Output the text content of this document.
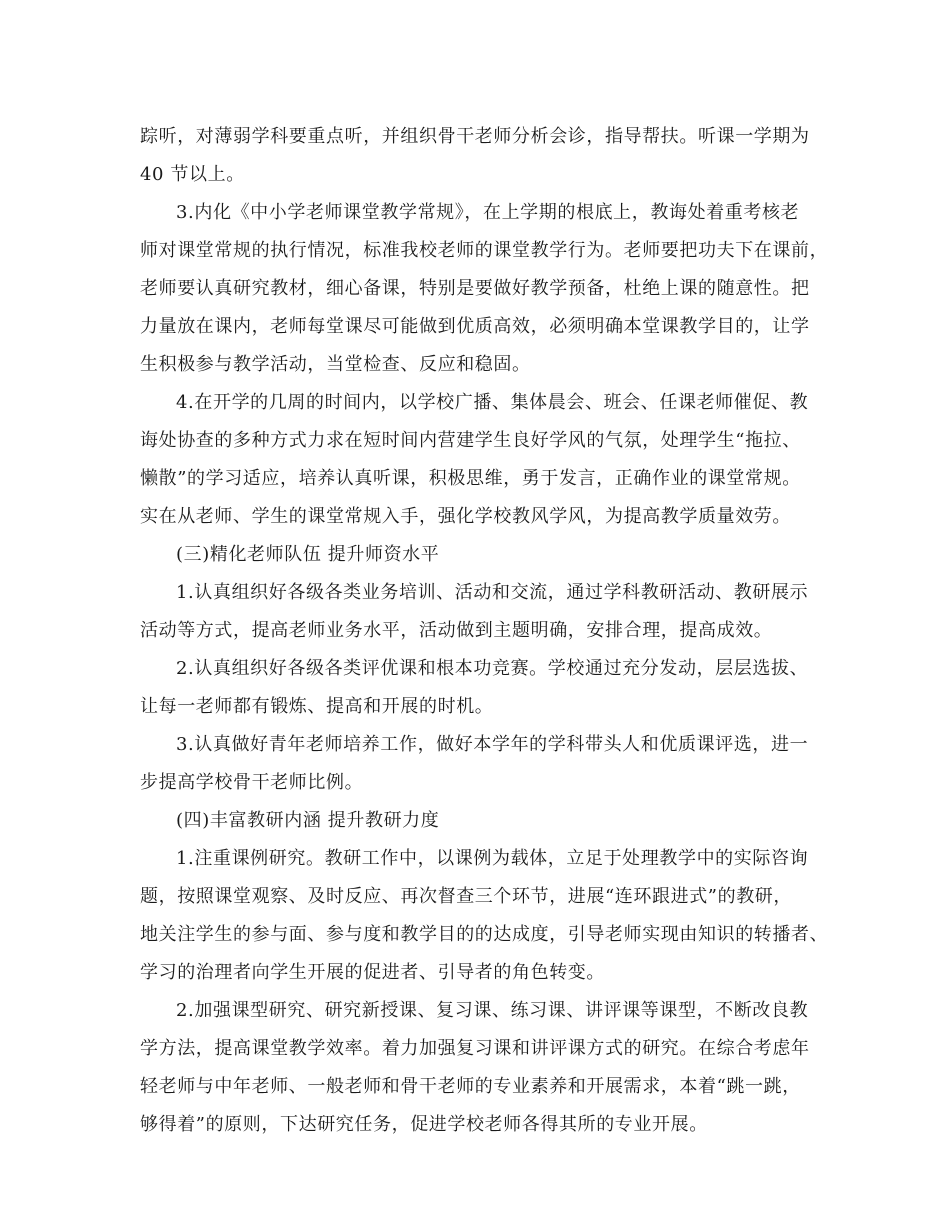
踪听，对薄弱学科要重点听，并组织骨干老师分析会诊，指导帮扶。听课一学期为
40 节以上。
3.内化《中小学老师课堂教学常规》，在上学期的根底上，教诲处着重考核老
师对课堂常规的执行情况，标准我校老师的课堂教学行为。老师要把功夫下在课前，
老师要认真研究教材，细心备课，特别是要做好教学预备，杜绝上课的随意性。把
力量放在课内，老师每堂课尽可能做到优质高效，必须明确本堂课教学目的，让学
生积极参与教学活动，当堂检查、反应和稳固。
4.在开学的几周的时间内，以学校广播、集体晨会、班会、任课老师催促、教
诲处协查的多种方式力求在短时间内营建学生良好学风的气氛，处理学生“拖拉、
懒散”的学习适应，培养认真听课，积极思维，勇于发言，正确作业的课堂常规。
实在从老师、学生的课堂常规入手，强化学校教风学风，为提高教学质量效劳。
(三)精化老师队伍 提升师资水平
1.认真组织好各级各类业务培训、活动和交流，通过学科教研活动、教研展示
活动等方式，提高老师业务水平，活动做到主题明确，安排合理，提高成效。
2.认真组织好各级各类评优课和根本功竞赛。学校通过充分发动，层层选拔、
让每一老师都有锻炼、提高和开展的时机。
3.认真做好青年老师培养工作，做好本学年的学科带头人和优质课评选，进一
步提高学校骨干老师比例。
(四)丰富教研内涵 提升教研力度
1.注重课例研究。教研工作中，以课例为载体，立足于处理教学中的实际咨询
题，按照课堂观察、及时反应、再次督查三个环节，进展“连环跟进式”的教研，
地关注学生的参与面、参与度和教学目的的达成度，引导老师实现由知识的转播者、
学习的治理者向学生开展的促进者、引导者的角色转变。
2.加强课型研究、研究新授课、复习课、练习课、讲评课等课型，不断改良教
学方法，提高课堂教学效率。着力加强复习课和讲评课方式的研究。在综合考虑年
轻老师与中年老师、一般老师和骨干老师的专业素养和开展需求，本着“跳一跳，
够得着”的原则，下达研究任务，促进学校老师各得其所的专业开展。
